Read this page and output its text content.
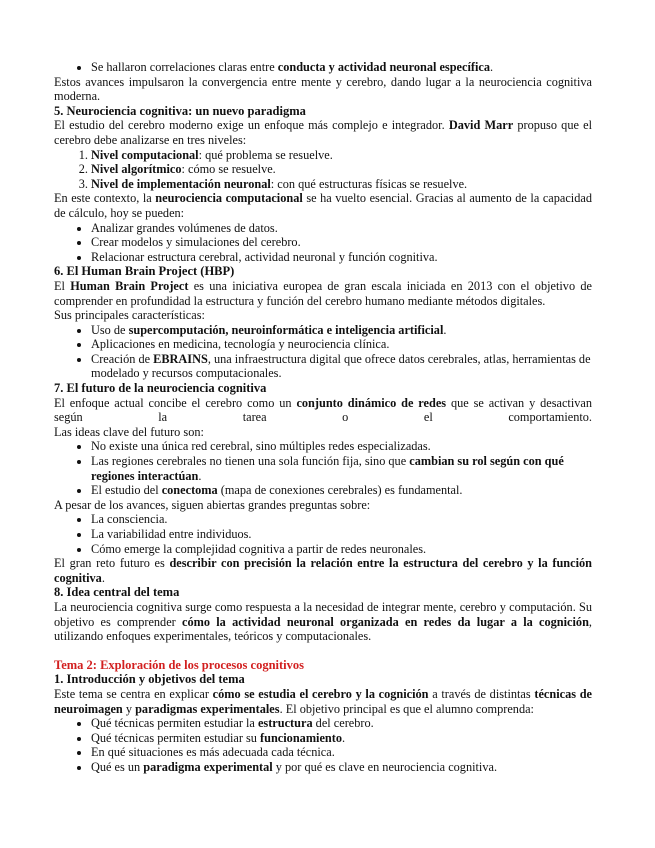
• Se hallaron correlaciones claras entre conducta y actividad neuronal específica.

Estos avances impulsaron la convergencia entre mente y cerebro, dando lugar a la neurociencia cognitiva moderna.

5. Neurociencia cognitiva: un nuevo paradigma

El estudio del cerebro moderno exige un enfoque más complejo e integrador. David Marr propuso que el cerebro debe analizarse en tres niveles:

1. Nivel computacional: qué problema se resuelve.
2. Nivel algorítmico: cómo se resuelve.
3. Nivel de implementación neuronal: con qué estructuras físicas se resuelve.

En este contexto, la neurociencia computacional se ha vuelto esencial. Gracias al aumento de la capacidad de cálculo, hoy se pueden:

• Analizar grandes volúmenes de datos.
• Crear modelos y simulaciones del cerebro.
• Relacionar estructura cerebral, actividad neuronal y función cognitiva.
6. El Human Brain Project (HBP)

El Human Brain Project es una iniciativa europea de gran escala iniciada en 2013 con el objetivo de comprender en profundidad la estructura y función del cerebro humano mediante métodos digitales.

Sus principales características:

• Uso de supercomputación, neuroinformática e inteligencia artificial.
• Aplicaciones en medicina, tecnología y neurociencia clínica.
• Creación de EBRAINS, una infraestructura digital que ofrece datos cerebrales, atlas, herramientas de modelado y recursos computacionales.
7. El futuro de la neurociencia cognitiva

El enfoque actual concibe el cerebro como un conjunto dinámico de redes que se activan y desactivan según la tarea o el comportamiento.

Las ideas clave del futuro son:

• No existe una única red cerebral, sino múltiples redes especializadas.
• Las regiones cerebrales no tienen una sola función fija, sino que cambian su rol según con qué regiones interactúan.
• El estudio del conectoma (mapa de conexiones cerebrales) es fundamental.

A pesar de los avances, siguen abiertas grandes preguntas sobre:

• La consciencia.
• La variabilidad entre individuos.
• Cómo emerge la complejidad cognitiva a partir de redes neuronales.

El gran reto futuro es describir con precisión la relación entre la estructura del cerebro y la función cognitiva.

8. Idea central del tema

La neurociencia cognitiva surge como respuesta a la necesidad de integrar mente, cerebro y computación. Su objetivo es comprender cómo la actividad neuronal organizada en redes da lugar a la cognición, utilizando enfoques experimentales, teóricos y computacionales.

Tema 2: Exploración de los procesos cognitivos
1. Introducción y objetivos del tema

Este tema se centra en explicar cómo se estudia el cerebro y la cognición a través de distintas técnicas de neuroimagen y paradigmas experimentales. El objetivo principal es que el alumno comprenda:

• Qué técnicas permiten estudiar la estructura del cerebro.
• Qué técnicas permiten estudiar su funcionamiento.
• En qué situaciones es más adecuada cada técnica.
• Qué es un paradigma experimental y por qué es clave en neurociencia cognitiva.
